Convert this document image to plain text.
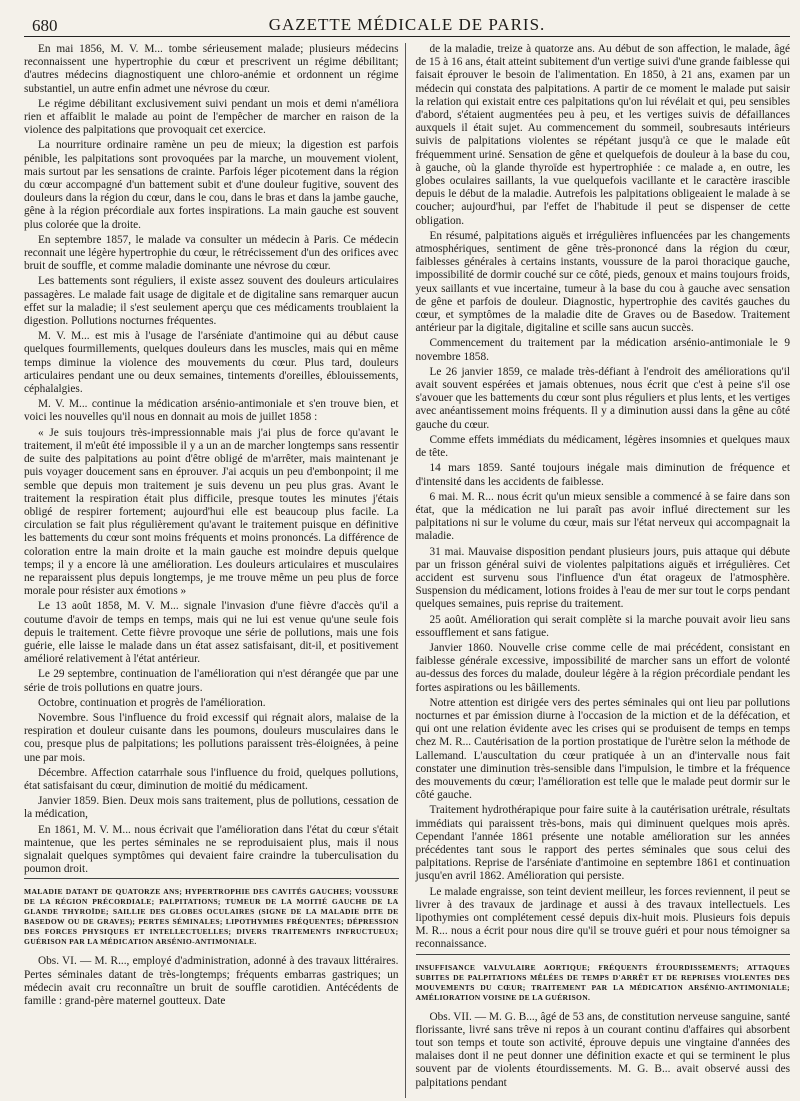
680	GAZETTE MÉDICALE DE PARIS.

En mai 1856, M. V. M... tombe sérieusement malade; plusieurs médecins reconnaissent une hypertrophie du cœur et prescrivent un régime débilitant; d'autres médecins diagnostiquent une chloro-anémie et ordonnent un régime substantiel, un autre enfin admet une névrose du cœur.

Le régime débilitant exclusivement suivi pendant un mois et demi n'améliora rien et affaiblit le malade au point de l'empêcher de marcher en raison de la violence des palpitations que provoquait cet exercice.

La nourriture ordinaire ramène un peu de mieux; la digestion est parfois pénible, les palpitations sont provoquées par la marche, un mouvement violent, mais surtout par les sensations de crainte. Parfois léger picotement dans la région du cœur accompagné d'un battement subit et d'une douleur fugitive, souvent des douleurs dans la région du cœur, dans le cou, dans le bras et dans la jambe gauche, gêne à la région précordiale aux fortes inspirations. La main gauche est souvent plus colorée que la droite.

En septembre 1857, le malade va consulter un médecin à Paris. Ce médecin reconnait une légère hypertrophie du cœur, le rétrécissement d'un des orifices avec bruit de souffle, et comme maladie dominante une névrose du cœur.

Les battements sont réguliers, il existe assez souvent des douleurs articulaires passagères. Le malade fait usage de digitale et de digitaline sans remarquer aucun effet sur la maladie; il s'est seulement aperçu que ces médicaments troublaient la digestion. Pollutions nocturnes fréquentes.

M. V. M... est mis à l'usage de l'arséniate d'antimoine qui au début cause quelques fourmillements, quelques douleurs dans les muscles, mais qui en même temps diminue la violence des mouvements du cœur. Plus tard, douleurs articulaires pendant une ou deux semaines, tintements d'oreilles, éblouissements, céphalalgies.

M. V. M... continue la médication arsénio-antimoniale et s'en trouve bien, et voici les nouvelles qu'il nous en donnait au mois de juillet 1858 :

« Je suis toujours très-impressionnable mais j'ai plus de force qu'avant le traitement, il m'eût été impossible il y a un an de marcher longtemps sans ressentir de suite des palpitations au point d'être obligé de m'arrêter, mais maintenant je puis voyager doucement sans en éprouver. J'ai acquis un peu d'embonpoint; il me semble que depuis mon traitement je suis devenu un peu plus gras. Avant le traitement la respiration était plus difficile, presque toutes les minutes j'étais obligé de respirer fortement; aujourd'hui elle est beaucoup plus facile. La circulation se fait plus régulièrement qu'avant le traitement puisque en définitive les battements du cœur sont moins fréquents et moins prononcés. La différence de coloration entre la main droite et la main gauche est moindre depuis quelque temps; il y a encore là une amélioration. Les douleurs articulaires et musculaires ne reparaissent plus depuis longtemps, je me trouve même un peu plus de force morale pour résister aux émotions »

Le 13 août 1858, M. V. M... signale l'invasion d'une fièvre d'accès qu'il a coutume d'avoir de temps en temps, mais qui ne lui est venue qu'une seule fois depuis le traitement. Cette fièvre provoque une série de pollutions, mais une fois guérie, elle laisse le malade dans un état assez satisfaisant, dit-il, et positivement amélioré relativement à l'état antérieur.

Le 29 septembre, continuation de l'amélioration qui n'est dérangée que par une série de trois pollutions en quatre jours.

Octobre, continuation et progrès de l'amélioration.

Novembre. Sous l'influence du froid excessif qui régnait alors, malaise de la respiration et douleur cuisante dans les poumons, douleurs musculaires dans le cou, presque plus de palpitations; les pollutions paraissent très-éloignées, à peine une par mois.

Décembre. Affection catarrhale sous l'influence du froid, quelques pollutions, état satisfaisant du cœur, diminution de moitié du médicament.

Janvier 1859. Bien. Deux mois sans traitement, plus de pollutions, cessation de la médication,

En 1861, M. V. M... nous écrivait que l'amélioration dans l'état du cœur s'était maintenue, que les pertes séminales ne se reproduisaient plus, mais il nous signalait quelques symptômes qui devaient faire craindre la tuberculisation du poumon droit.

MALADIE DATANT DE QUATORZE ANS; HYPERTROPHIE DES CAVITÉS GAUCHES; VOUSSURE DE LA RÉGION PRÉCORDIALE; PALPITATIONS; TUMEUR DE LA MOITIÉ GAUCHE DE LA GLANDE THYROÏDE; SAILLIE DES GLOBES OCULAIRES (SIGNE DE LA MALADIE DITE DE BASEDOW OU DE GRAVES); PERTES SÉMINALES; LIPOTHYMIES FRÉQUENTES; DÉPRESSION DES FORCES PHYSIQUES ET INTELLECTUELLES; DIVERS TRAITEMENTS INFRUCTUEUX; GUÉRISON PAR LA MÉDICATION ARSÉNIO-ANTIMONIALE.

Obs. VI. — M. R..., employé d'administration, adonné à des travaux littéraires. Pertes séminales datant de très-longtemps; fréquents embarras gastriques; un médecin avait cru reconnaître un bruit de souffle carotidien. Antécédents de famille : grand-père maternel goutteux. Date

de la maladie, treize à quatorze ans. Au début de son affection, le malade, âgé de 15 à 16 ans, était atteint subitement d'un vertige suivi d'une grande faiblesse qui faisait éprouver le besoin de l'alimentation. En 1850, à 21 ans, examen par un médecin qui constata des palpitations. A partir de ce moment le malade put saisir la relation qui existait entre ces palpitations qu'on lui révélait et qui, peu sensibles d'abord, s'étaient augmentées peu à peu, et les vertiges suivis de défaillances auxquels il était sujet. Au commencement du sommeil, soubresauts intérieurs suivis de palpitations violentes se répétant jusqu'à ce que le malade eût fréquemment uriné. Sensation de gêne et quelquefois de douleur à la base du cou, à gauche, où la glande thyroïde est hypertrophiée : ce malade a, en outre, les globes oculaires saillants, la vue quelquefois vacillante et le caractère irascible depuis le début de la maladie. Autrefois les palpitations obligeaient le malade à se coucher; aujourd'hui, par l'effet de l'habitude il peut se dispenser de cette obligation.

En résumé, palpitations aiguës et irrégulières influencées par les changements atmosphériques, sentiment de gêne très-prononcé dans la région du cœur, faiblesses générales à certains instants, voussure de la paroi thoracique gauche, impossibilité de dormir couché sur ce côté, pieds, genoux et mains toujours froids, yeux saillants et vue incertaine, tumeur à la base du cou à gauche avec sensation de gêne et parfois de douleur. Diagnostic, hypertrophie des cavités gauches du cœur, et symptômes de la maladie dite de Graves ou de Basedow. Traitement antérieur par la digitale, digitaline et scille sans aucun succès.

Commencement du traitement par la médication arsénio-antimoniale le 9 novembre 1858.

Le 26 janvier 1859, ce malade très-défiant à l'endroit des améliorations qu'il avait souvent espérées et jamais obtenues, nous écrit que c'est à peine s'il ose s'avouer que les battements du cœur sont plus réguliers et plus lents, et les vertiges avec anéantissement moins fréquents. Il y a diminution aussi dans la gêne au côté gauche du cœur.

Comme effets immédiats du médicament, légères insomnies et quelques maux de tête.

14 mars 1859. Santé toujours inégale mais diminution de fréquence et d'intensité dans les accidents de faiblesse.

6 mai. M. R... nous écrit qu'un mieux sensible a commencé à se faire dans son état, que la médication ne lui paraît pas avoir influé directement sur les palpitations ni sur le volume du cœur, mais sur l'état nerveux qui accompagnait la maladie.

31 mai. Mauvaise disposition pendant plusieurs jours, puis attaque qui débute par un frisson général suivi de violentes palpitations aiguës et irrégulières. Cet accident est survenu sous l'influence d'un état orageux de l'atmosphère. Suspension du médicament, lotions froides à l'eau de mer sur tout le corps pendant quelques semaines, puis reprise du traitement.

25 août. Amélioration qui serait complète si la marche pouvait avoir lieu sans essoufflement et sans fatigue.

Janvier 1860. Nouvelle crise comme celle de mai précédent, consistant en faiblesse générale excessive, impossibilité de marcher sans un effort de volonté au-dessus des forces du malade, douleur légère à la région précordiale pendant les fortes aspirations ou les bâillements.

Notre attention est dirigée vers des pertes séminales qui ont lieu par pollutions nocturnes et par émission diurne à l'occasion de la miction et de la défécation, et qui ont une relation évidente avec les crises qui se produisent de temps en temps chez M. R... Cautérisation de la portion prostatique de l'urètre selon la méthode de Lallemand. L'auscultation du cœur pratiquée à un an d'intervalle nous fait constater une diminution très-sensible dans l'impulsion, le timbre et la fréquence des mouvements du cœur; l'amélioration est telle que le malade peut dormir sur le côté gauche.

Traitement hydrothérapique pour faire suite à la cautérisation urétrale, résultats immédiats qui paraissent très-bons, mais qui diminuent quelques mois après. Cependant l'année 1861 présente une notable amélioration sur les années précédentes tant sous le rapport des pertes séminales que sous celui des palpitations. Reprise de l'arséniate d'antimoine en septembre 1861 et continuation jusqu'en avril 1862. Amélioration qui persiste.

Le malade engraisse, son teint devient meilleur, les forces reviennent, il peut se livrer à des travaux de jardinage et aussi à des travaux intellectuels. Les lipothymies ont complétement cessé depuis dix-huit mois. Plusieurs fois depuis M. R... nous a écrit pour nous dire qu'il se trouve guéri et pour nous témoigner sa reconnaissance.

INSUFFISANCE VALVULAIRE AORTIQUE; FRÉQUENTS ÉTOURDISSEMENTS; ATTAQUES SUBITES DE PALPITATIONS MÊLÉES DE TEMPS D'ARRÊT ET DE REPRISES VIOLENTES DES MOUVEMENTS DU CŒUR; TRAITEMENT PAR LA MÉDICATION ARSÉNIO-ANTIMONIALE; AMÉLIORATION VOISINE DE LA GUÉRISON.

Obs. VII. — M. G. B..., âgé de 53 ans, de constitution nerveuse sanguine, santé florissante, livré sans trêve ni repos à un courant continu d'affaires qui absorbent tout son temps et toute son activité, éprouve depuis une vingtaine d'années des malaises dont il ne peut donner une définition exacte et qui se terminent le plus souvent par de violents étourdissements. M. G. B... avait observé aussi des palpitations pendant
